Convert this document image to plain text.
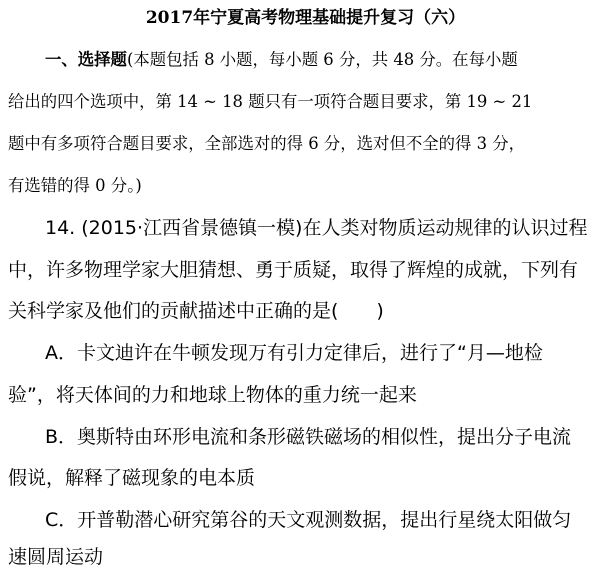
2017年宁夏高考物理基础提升复习（六）
一、选择题(本题包括 8 小题，每小题 6 分，共 48 分。在每小题
给出的四个选项中，第 14 ~ 18 题只有一项符合题目要求，第 19 ~ 21
题中有多项符合题目要求，全部选对的得 6 分，选对但不全的得 3 分，
有选错的得 0 分。)
14. (2015·江西省景德镇一模)在人类对物质运动规律的认识过程
中，许多物理学家大胆猜想、勇于质疑，取得了辉煌的成就，下列有
关科学家及他们的贡献描述中正确的是(　　)
A．卡文迪许在牛顿发现万有引力定律后，进行了“月—地检
验”，将天体间的力和地球上物体的重力统一起来
B．奥斯特由环形电流和条形磁铁磁场的相似性，提出分子电流
假说，解释了磁现象的电本质
C．开普勒潜心研究第谷的天文观测数据，提出行星绕太阳做匀
速圆周运动
